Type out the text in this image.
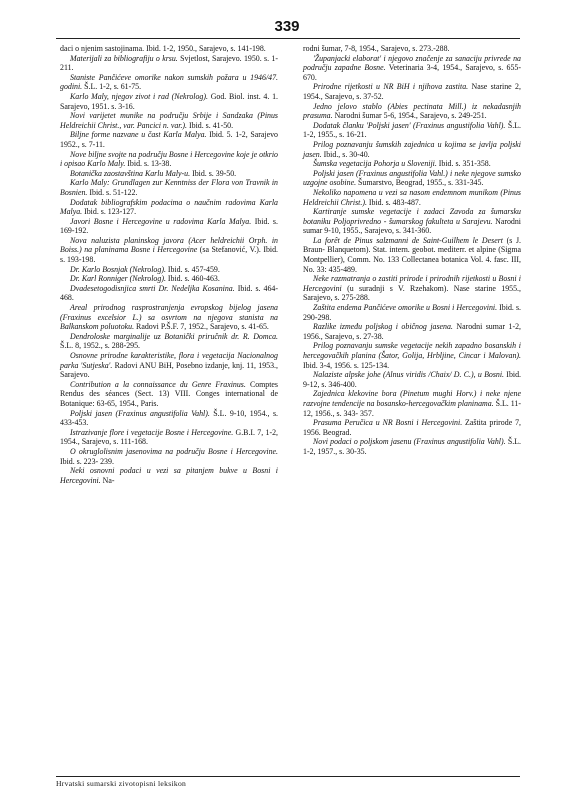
339

daci o njenim sastojinama. Ibid. 1-2, 1950., Sarajevo, s. 141-198.

Materijali za bibliografiju o krsu. Svjetlost, Sarajevo. 1950. s. 1-211.

Staniste Pančićeve omorike nakon sumskih požara u 1946/47. godini. Š.L. 1-2, s. 61-75.

Karlo Maly, njegov zivot i rad (Nekrolog). God. Biol. inst. 4. 1. Sarajevo, 1951. s. 3-16.

Novi varijetet munike na području Srbije i Sandzaka (Pinus Heldreichii Christ., var. Pancici n. var.). Ibid. s. 41-50.

Biljne forme nazvane u čast Karla Malya. Ibid. 5. 1-2, Sarajevo 1952., s. 7-11.

Nove biljne svojte na području Bosne i Hercegovine koje je otkrio i opisao Karlo Maly. Ibid. s. 13-38.

Botanička zaostavština Karlu Maly-u. Ibid. s. 39-50.

Karlo Maly: Grundlagen zur Kenntniss der Flora von Travnik in Bosnien. Ibid. s. 51-122.

Dodatak bibliografskim podacima o naučnim radovima Karla Malya. Ibid. s. 123-127.

Javori Bosne i Hercegovine u radovima Karla Malya. Ibid. s. 169-192.

Nova naluzista planinskog javora (Acer heldreichii Orph. in Boiss.) na planinama Bosne i Hercegovine (sa Stefanović, V.). Ibid. s. 193-198.

Dr. Karlo Bosnjak (Nekrolog). Ibid. s. 457-459.

Dr. Karl Ronniger (Nekrolog). Ibid. s. 460-463.

Dvadesetogodisnjica smrti Dr. Nedeljka Kosanina. Ibid. s. 464-468.

Areal prirodnog rasprostranjenja evropskog bijelog jasena (Fraxinus excelsior L.) sa osvrtom na njegova stanista na Balkanskom poluotoku. Radovi P.Š.F. 7, 1952., Sarajevo, s. 41-65.

Dendroloske marginalije uz Botanički priručnik dr. R. Domca. Š.L. 8, 1952., s. 288-295.

Osnovne prirodne karakteristike, flora i vegetacija Nacionalnog parka 'Sutjeska'. Radovi ANU BiH, Posebno izdanje, knj. 11, 1953., Sarajevo.

Contribution a la connaissance du Genre Fraxinus. Comptes Rendus des séances (Sect. 13) VIII. Conges international de Botanique: 63-65, 1954., Paris.

Poljski jasen (Fraxinus angustifolia Vahl). Š.L. 9-10, 1954., s. 433-453.

Istrazivanje flore i vegetacije Bosne i Hercegovine. G.B.I. 7, 1-2, 1954., Sarajevo, s. 111-168.

O okruglolisnim jasenovima na području Bosne i Hercegovine. Ibid. s. 223- 239.

Neki osnovni podaci u vezi sa pitanjem bukve u Bosni i Hercegovini. Na-

rodni šumar, 7-8, 1954., Sarajevo, s. 273.-288.

'Županjacki elaborat' i njegovo značenje za sanaciju privrede na području zapadne Bosne. Veterinaria 3-4, 1954., Sarajevo, s. 655-670.

Prirodne rijetkosti u NR BiH i njihova zastita. Nase starine 2, 1954., Sarajevo, s. 37-52.

Jedno jelovo stablo (Abies pectinata Mill.) iz nekadasnjih prasuma. Narodni šumar 5-6, 1954., Sarajevo, s. 249-251.

Dodatak članku 'Poljski jasen' (Fraxinus angustifolia Vahl). Š.L. 1-2, 1955., s. 16-21.

Prilog poznavanju šumskih zajednica u kojima se javlja poljski jasen. Ibid., s. 30-40.

Šumska vegetacija Pohorja u Sloveniji. Ibid. s. 351-358.

Poljski jasen (Fraxinus angustifolia Vahl.) i neke njegove sumsko uzgojne osobine. Šumarstvo, Beograd, 1955., s. 331-345.

Nekoliko napomena u vezi sa nasom endemnom munikom (Pinus Heldreichii Christ.). Ibid. s. 483-487.

Kartiranje sumske vegetacije i zadaci Zavoda za šumarsku botaniku Poljoprivredno - šumarskog fakulteta u Sarajevu. Narodni sumar 9-10, 1955., Sarajevo, s. 341-360.

La forêt de Pinus salzmanni de Saint-Guilhem le Desert (s J. Braun- Blanquetom). Stat. intern. geobot. mediterr. et alpine (Sigma Montpellier), Comm. No. 133 Collectanea botanica Vol. 4. fasc. III, No. 33: 435-489.

Neke razmatranja o zastiti prirode i prirodnih rijetkosti u Bosni i Hercegovini (u suradnji s V. Rzehakom). Nase starine 1955., Sarajevo, s. 275-288.

Zaštita endema Pančićeve omorike u Bosni i Hercegovini. Ibid. s. 290-298.

Razlike između poljskog i običnog jasena. Narodni sumar 1-2, 1956., Sarajevo, s. 27-38.

Prilog poznavanju sumske vegetacije nekih zapadno bosanskih i hercegovačkih planina (Šator, Golija, Hrbljine, Cincar i Malovan). Ibid. 3-4, 1956. s. 125-134.

Nalaziste alpske johe (Alnus viridis /Chaix/ D. C.), u Bosni. Ibid. 9-12, s. 346-400.

Zajednica klekovine bora (Pinetum mughi Horv.) i neke njene razvojne tendencije na bosansko-hercegovačkim planinama. Š.L. 11-12, 1956., s. 343- 357.

Prasuma Peručica u NR Bosni i Hercegovini. Zaštita prirode 7, 1956. Beograd.

Novi podaci o poljskom jasenu (Fraxinus angustifolia Vahl). Š.L. 1-2, 1957., s. 30-35.

Hrvatski sumarski zivotopisni leksikon
